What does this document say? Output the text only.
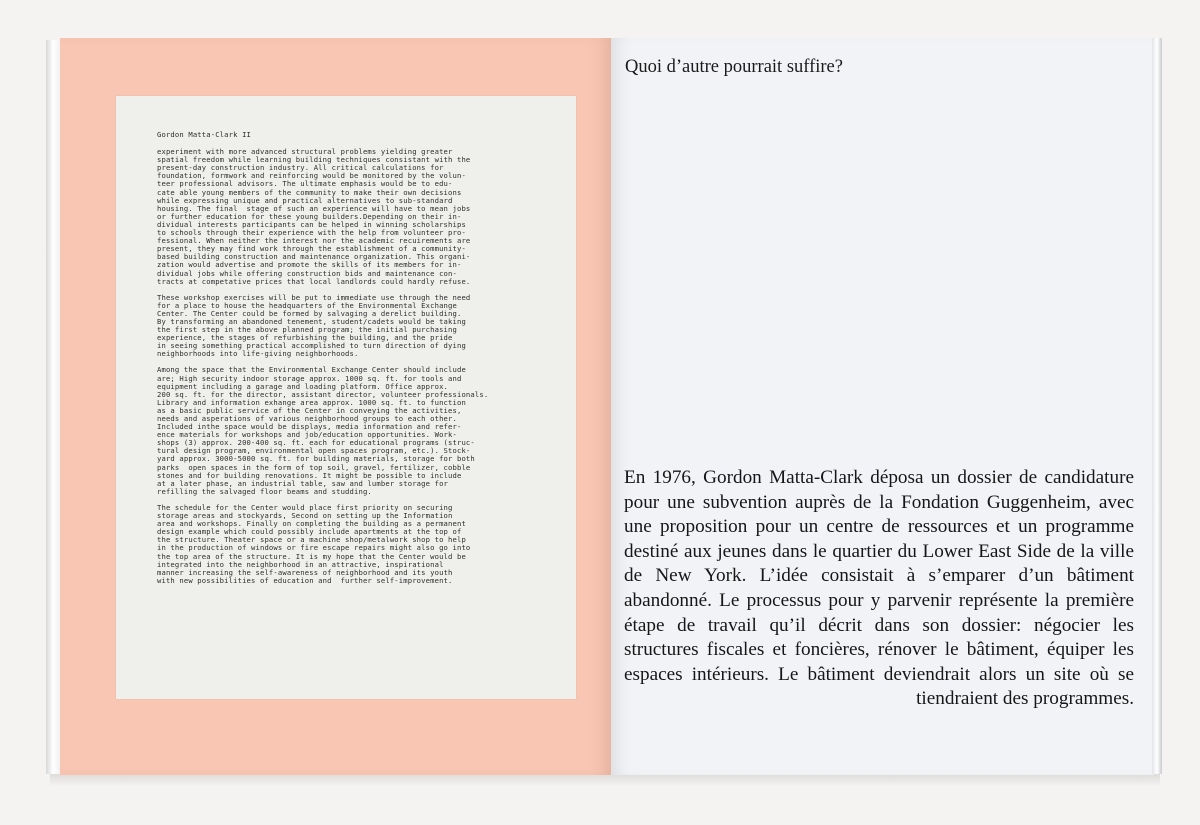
Gordon Matta-Clark II

experiment with more advanced structural problems yielding greater
spatial freedom while learning building techniques consistant with the
present-day construction industry. All critical calculations for
foundation, formwork and reinforcing would be monitored by the volun-
teer professional advisors. The ultimate emphasis would be to edu-
cate able young members of the community to make their own decisions
while expressing unique and practical alternatives to sub-standard
housing. The final  stage of such an experience will have to mean jobs
or further education for these young builders.Depending on their in-
dividual interests participants can be helped in winning scholarships
to schools through their experience with the help from volunteer pro-
fessional. When neither the interest nor the academic recuirements are
present, they may find work through the establishment of a community-
based building construction and maintenance organization. This organi-
zation would advertise and promote the skills of its members for in-
dividual jobs while offering construction bids and maintenance con-
tracts at competative prices that local landlords could hardly refuse.

These workshop exercises will be put to immediate use through the need
for a place to house the headquarters of the Environmental Exchange
Center. The Center could be formed by salvaging a derelict building.
By transforming an abandoned tenement, student/cadets would be taking
the first step in the above planned program; the initial purchasing
experience, the stages of refurbishing the building, and the pride
in seeing something practical accomplished to turn direction of dying
neighborhoods into life-giving neighborhoods.

Among the space that the Environmental Exchange Center should include
are; High security indoor storage approx. 1000 sq. ft. for tools and
equipment including a garage and loading platform. Office approx.
200 sq. ft. for the director, assistant director, volunteer professionals.
Library and information exhange area approx. 1000 sq. ft. to function
as a basic public service of the Center in conveying the activities,
needs and asperations of various neighborhood groups to each other.
Included inthe space would be displays, media information and refer-
ence materials for workshops and job/education opportunities. Work-
shops (3) approx. 200-400 sq. ft. each for educational programs (struc-
tural design program, environmental open spaces program, etc.). Stock-
yard approx. 3000-5000 sq. ft. for building materials, storage for both
parks  open spaces in the form of top soil, gravel, fertilizer, cobble
stones and for building renovations. It might be possible to include
at a later phase, an industrial table, saw and lumber storage for
refilling the salvaged floor beams and studding.

The schedule for the Center would place first priority on securing
storage areas and stockyards, Second on setting up the Information
area and workshops. Finally on completing the building as a permanent
design example which could possibly include apartments at the top of
the structure. Theater space or a machine shop/metalwork shop to help
in the production of windows or fire escape repairs might also go into
the top area of the structure. It is my hope that the Center would be
integrated into the neighborhood in an attractive, inspirational
manner increasing the self-awareness of neighborhood and its youth
with new possibilities of education and  further self-improvement.

Quoi d’autre pourrait suffire?
En 1976, Gordon Matta-Clark déposa un dossier de candidature pour une subvention auprès de la Fondation Guggenheim, avec une proposition pour un centre de ressources et un programme destiné aux jeunes dans le quartier du Lower East Side de la ville de New York. L’idée consistait à s’emparer d’un bâtiment abandonné. Le processus pour y parvenir représente la première étape de travail qu’il décrit dans son dossier: négocier les structures fiscales et foncières, rénover le bâtiment, équiper les espaces intérieurs. Le bâtiment deviendrait alors un site où se tiendraient des programmes.
